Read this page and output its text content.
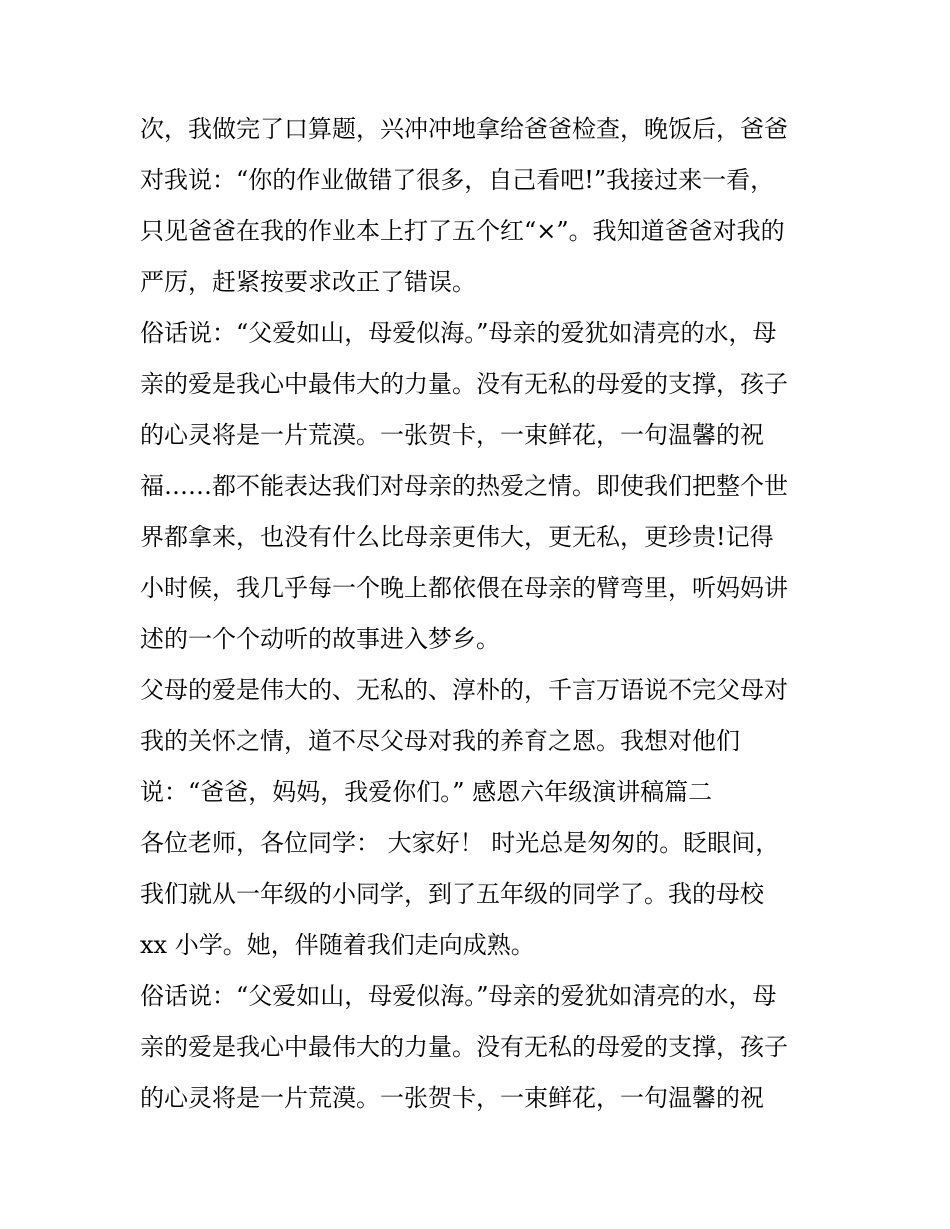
次，我做完了口算题，兴冲冲地拿给爸爸检查，晚饭后，爸爸
对我说：“你的作业做错了很多，自己看吧!”我接过来一看，
只见爸爸在我的作业本上打了五个红“×”。我知道爸爸对我的
严厉，赶紧按要求改正了错误。
俗话说：“父爱如山，母爱似海。”母亲的爱犹如清亮的水，母
亲的爱是我心中最伟大的力量。没有无私的母爱的支撑，孩子
的心灵将是一片荒漠。一张贺卡，一束鲜花，一句温馨的祝
福……都不能表达我们对母亲的热爱之情。即使我们把整个世
界都拿来，也没有什么比母亲更伟大，更无私，更珍贵!记得
小时候，我几乎每一个晚上都依偎在母亲的臂弯里，听妈妈讲
述的一个个动听的故事进入梦乡。
父母的爱是伟大的、无私的、淳朴的，千言万语说不完父母对
我的关怀之情，道不尽父母对我的养育之恩。我想对他们
说：“爸爸，妈妈，我爱你们。” 感恩六年级演讲稿篇二
各位老师，各位同学： 大家好！ 时光总是匆匆的。眨眼间，
我们就从一年级的小同学，到了五年级的同学了。我的母校
xx 小学。她，伴随着我们走向成熟。
俗话说：“父爱如山，母爱似海。”母亲的爱犹如清亮的水，母
亲的爱是我心中最伟大的力量。没有无私的母爱的支撑，孩子
的心灵将是一片荒漠。一张贺卡，一束鲜花，一句温馨的祝
